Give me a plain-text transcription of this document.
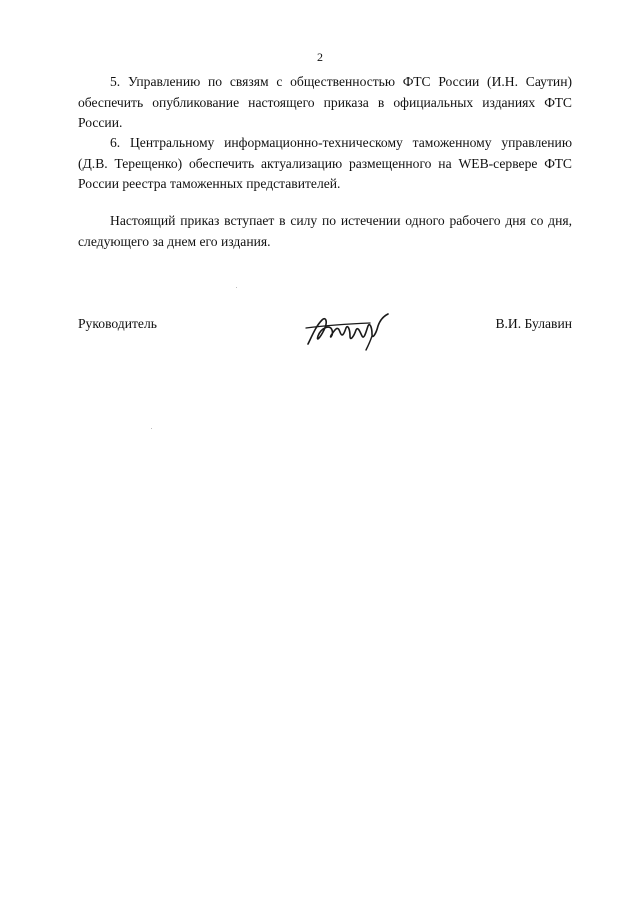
2

5. Управлению по связям с общественностью ФТС России (И.Н. Саутин) обеспечить опубликование настоящего приказа в официальных изданиях ФТС России.

6. Центральному информационно-техническому таможенному управлению (Д.В. Терещенко) обеспечить актуализацию размещенного на WEB-сервере ФТС России реестра таможенных представителей.

Настоящий приказ вступает в силу по истечении одного рабочего дня со дня, следующего за днем его издания.

Руководитель	В.И. Булавин
